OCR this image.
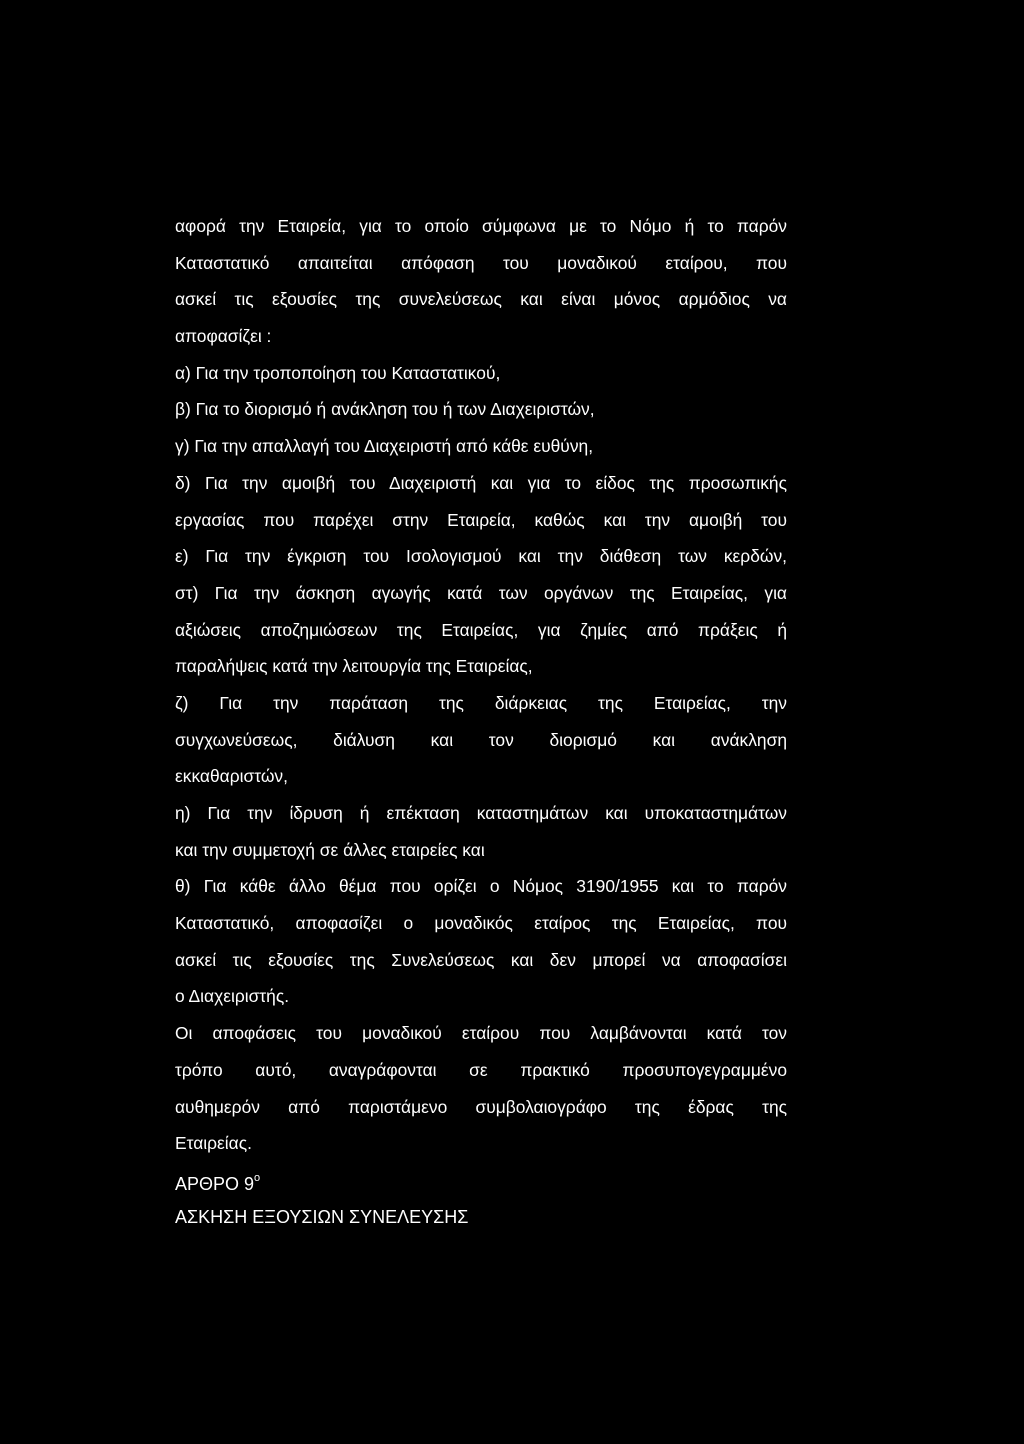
αφορά την Εταιρεία, για το οποίο σύμφωνα με το Νόμο ή το παρόν
Καταστατικό απαιτείται απόφαση του μοναδικού εταίρου, που
ασκεί τις εξουσίες της συνελεύσεως και είναι μόνος αρμόδιος να
αποφασίζει :
α) Για την τροποποίηση του Καταστατικού,
β) Για το διορισμό ή ανάκληση του ή των Διαχειριστών,
γ) Για την απαλλαγή του Διαχειριστή από κάθε ευθύνη,
δ) Για την αμοιβή του Διαχειριστή και για το είδος της προσωπικής
εργασίας που παρέχει στην Εταιρεία, καθώς και την αμοιβή του
ε) Για την έγκριση του Ισολογισμού και την διάθεση των κερδών,
στ) Για την άσκηση αγωγής κατά των οργάνων της Εταιρείας, για
αξιώσεις αποζημιώσεων της Εταιρείας, για ζημίες από πράξεις ή
παραλήψεις κατά την λειτουργία της Εταιρείας,
ζ) Για την παράταση της διάρκειας της Εταιρείας, την
συγχωνεύσεως, διάλυση και τον διορισμό και ανάκληση
εκκαθαριστών,
η) Για την ίδρυση ή επέκταση καταστημάτων και υποκαταστημάτων
και την συμμετοχή σε άλλες εταιρείες και
θ) Για κάθε άλλο θέμα που ορίζει ο Νόμος 3190/1955 και το παρόν
Καταστατικό, αποφασίζει ο μοναδικός εταίρος της Εταιρείας, που
ασκεί τις εξουσίες της Συνελεύσεως και δεν μπορεί να αποφασίσει
ο Διαχειριστής.
Οι αποφάσεις του μοναδικού εταίρου που λαμβάνονται κατά τον
τρόπο αυτό, αναγράφονται σε πρακτικό προσυπογεγραμμένο
αυθημερόν από παριστάμενο συμβολαιογράφο της έδρας της
Εταιρείας.
ΑΡΘΡΟ $9^o$
ΑΣΚΗΣΗ ΕΞΟΥΣΙΩΝ ΣΥΝΕΛΕΥΣΗΣ
